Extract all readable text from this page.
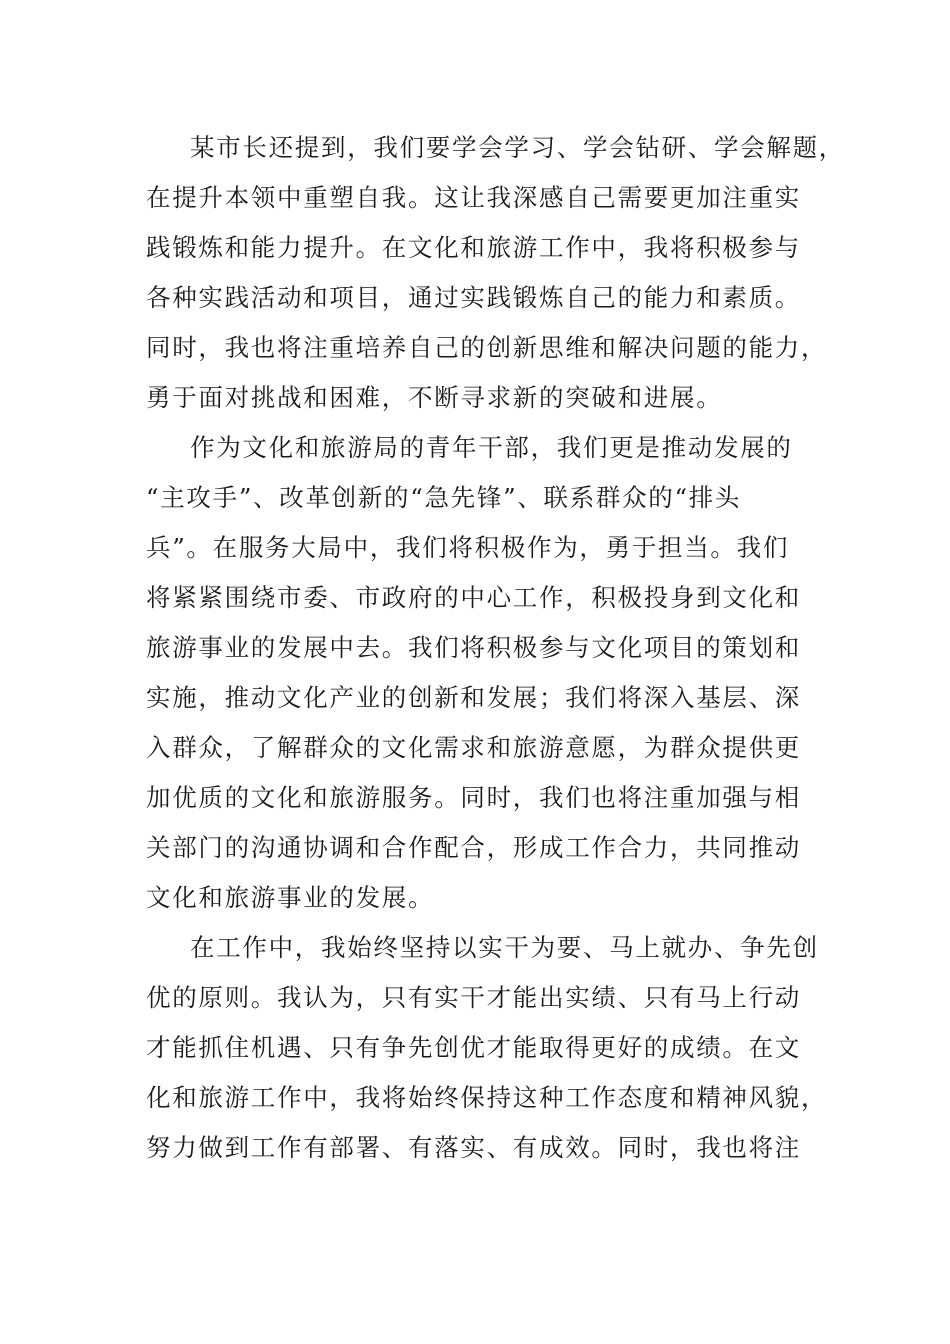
某市长还提到，我们要学会学习、学会钻研、学会解题，
在提升本领中重塑自我。这让我深感自己需要更加注重实
践锻炼和能力提升。在文化和旅游工作中，我将积极参与
各种实践活动和项目，通过实践锻炼自己的能力和素质。
同时，我也将注重培养自己的创新思维和解决问题的能力，
勇于面对挑战和困难，不断寻求新的突破和进展。
作为文化和旅游局的青年干部，我们更是推动发展的
“主攻手”、改革创新的“急先锋”、联系群众的“排头
兵”。在服务大局中，我们将积极作为，勇于担当。我们
将紧紧围绕市委、市政府的中心工作，积极投身到文化和
旅游事业的发展中去。我们将积极参与文化项目的策划和
实施，推动文化产业的创新和发展；我们将深入基层、深
入群众，了解群众的文化需求和旅游意愿，为群众提供更
加优质的文化和旅游服务。同时，我们也将注重加强与相
关部门的沟通协调和合作配合，形成工作合力，共同推动
文化和旅游事业的发展。
在工作中，我始终坚持以实干为要、马上就办、争先创
优的原则。我认为，只有实干才能出实绩、只有马上行动
才能抓住机遇、只有争先创优才能取得更好的成绩。在文
化和旅游工作中，我将始终保持这种工作态度和精神风貌，
努力做到工作有部署、有落实、有成效。同时，我也将注
